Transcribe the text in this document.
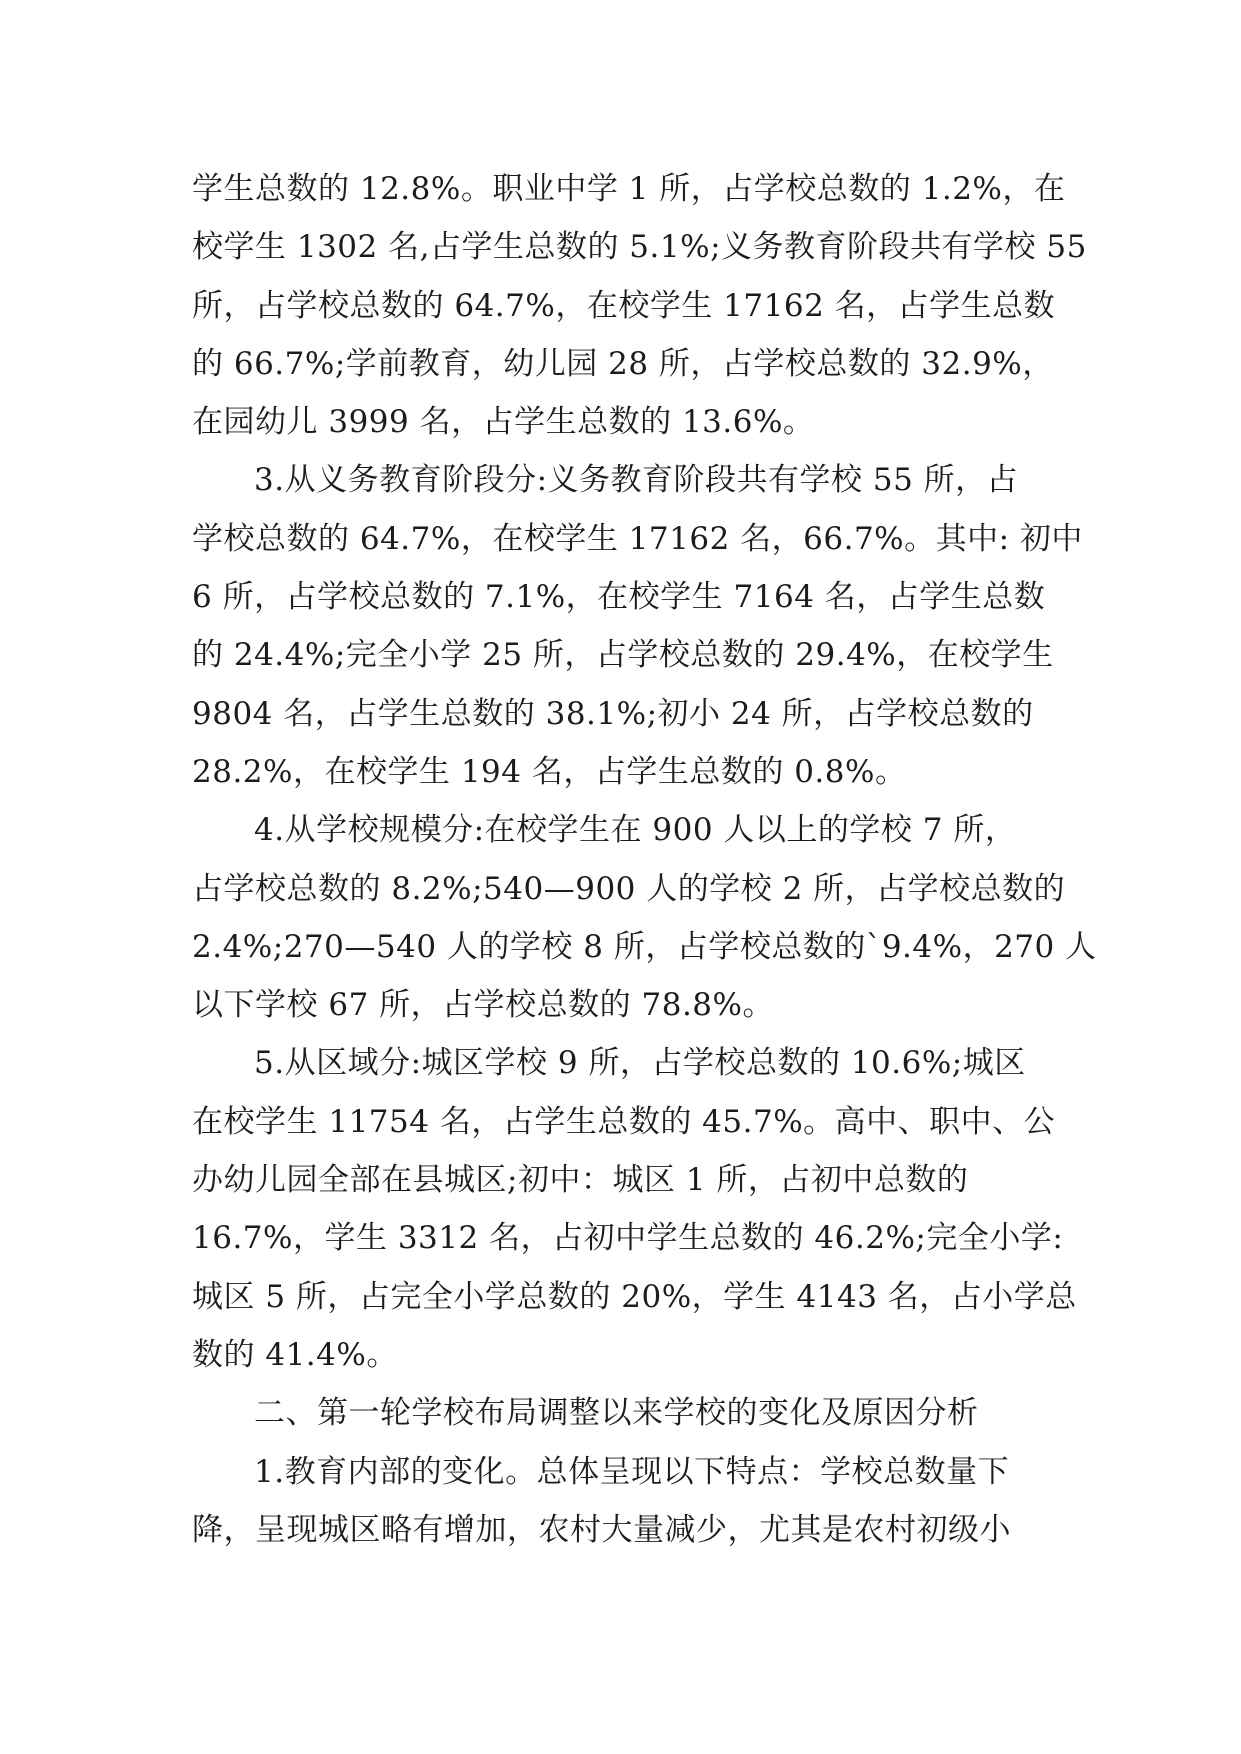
学生总数的 12.8%。职业中学 1 所，占学校总数的 1.2%，在
校学生 1302 名,占学生总数的 5.1%;义务教育阶段共有学校 55
所，占学校总数的 64.7%，在校学生 17162 名，占学生总数
的 66.7%;学前教育，幼儿园 28 所，占学校总数的 32.9%，
在园幼儿 3999 名，占学生总数的 13.6%。
3.从义务教育阶段分:义务教育阶段共有学校 55 所，占
学校总数的 64.7%，在校学生 17162 名，66.7%。其中: 初中
6 所，占学校总数的 7.1%，在校学生 7164 名，占学生总数
的 24.4%;完全小学 25 所，占学校总数的 29.4%，在校学生
9804 名，占学生总数的 38.1%;初小 24 所，占学校总数的
28.2%，在校学生 194 名，占学生总数的 0.8%。
4.从学校规模分:在校学生在 900 人以上的学校 7 所，
占学校总数的 8.2%;540—900 人的学校 2 所，占学校总数的
2.4%;270—540 人的学校 8 所，占学校总数的`9.4%，270 人
以下学校 67 所，占学校总数的 78.8%。
5.从区域分:城区学校 9 所，占学校总数的 10.6%;城区
在校学生 11754 名，占学生总数的 45.7%。高中、职中、公
办幼儿园全部在县城区;初中：城区 1 所，占初中总数的
16.7%，学生 3312 名，占初中学生总数的 46.2%;完全小学:
城区 5 所，占完全小学总数的 20%，学生 4143 名，占小学总
数的 41.4%。
二、第一轮学校布局调整以来学校的变化及原因分析
1.教育内部的变化。总体呈现以下特点：学校总数量下
降，呈现城区略有增加，农村大量减少，尤其是农村初级小
